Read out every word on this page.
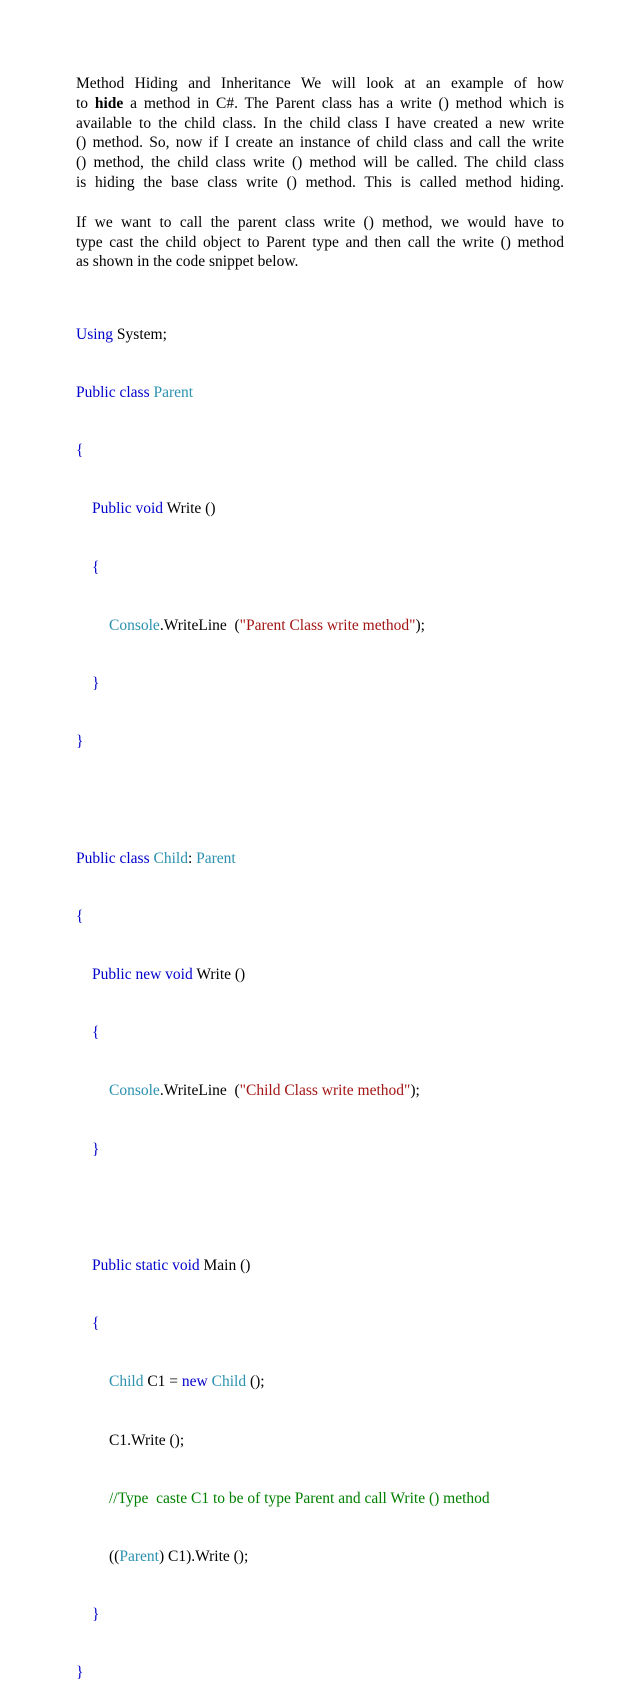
Method Hiding and Inheritance We will look at an example of how
to hide a method in C#. The Parent class has a write () method which is
available to the child class. In the child class I have created a new write
() method. So, now if I create an instance of child class and call the write
() method, the child class write () method will be called. The child class
is hiding the base class write () method. This is called method hiding.

If we want to call the parent class write () method, we would have to
type cast the child object to Parent type and then call the write () method
as shown in the code snippet below.

Using System;

Public class Parent

{

Public void Write ()

{

Console.WriteLine  ("Parent Class write method");

}

}

Public class Child: Parent

{

Public new void Write ()

{

Console.WriteLine  ("Child Class write method");

}

Public static void Main ()

{

Child C1 = new Child ();

C1.Write ();

//Type  caste C1 to be of type Parent and call Write () method

((Parent) C1).Write ();

}

}
